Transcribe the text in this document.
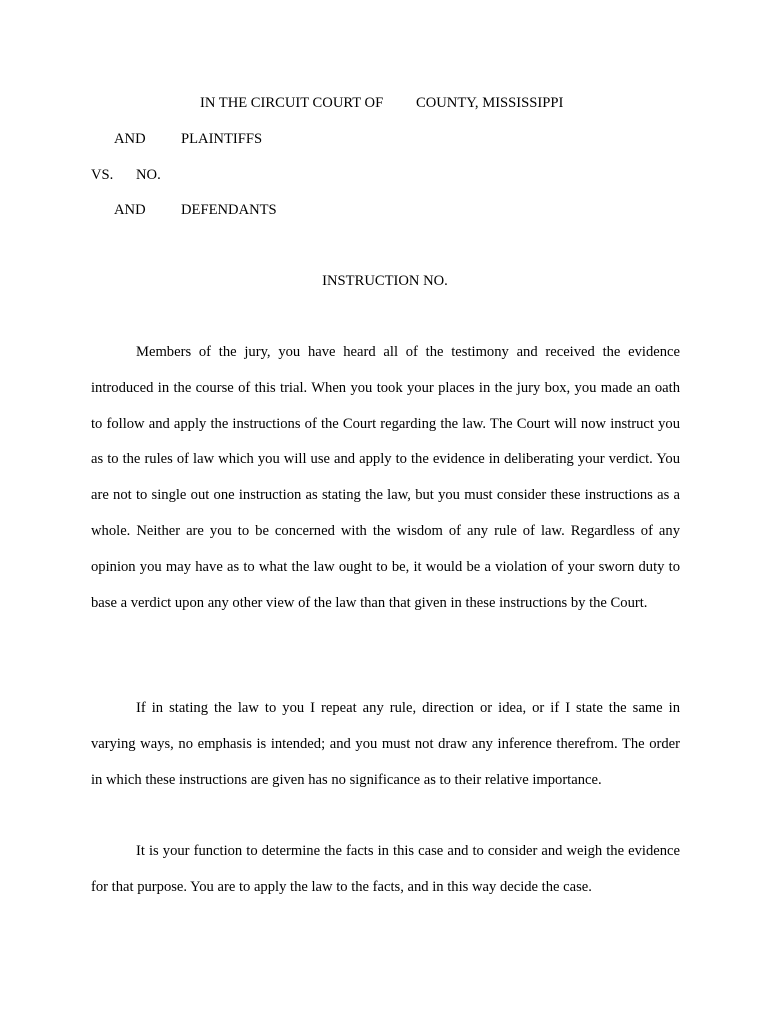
IN THE CIRCUIT COURT OF COUNTY, MISSISSIPPI
AND PLAINTIFFS
VS. NO.
AND DEFENDANTS
INSTRUCTION NO.

Members of the jury, you have heard all of the testimony and received the evidence introduced in the course of this trial. When you took your places in the jury box, you made an oath to follow and apply the instructions of the Court regarding the law. The Court will now instruct you as to the rules of law which you will use and apply to the evidence in deliberating your verdict. You are not to single out one instruction as stating the law, but you must consider these instructions as a whole. Neither are you to be concerned with the wisdom of any rule of law. Regardless of any opinion you may have as to what the law ought to be, it would be a violation of your sworn duty to base a verdict upon any other view of the law than that given in these instructions by the Court.

If in stating the law to you I repeat any rule, direction or idea, or if I state the same in varying ways, no emphasis is intended; and you must not draw any inference therefrom. The order in which these instructions are given has no significance as to their relative importance.

It is your function to determine the facts in this case and to consider and weigh the evidence for that purpose. You are to apply the law to the facts, and in this way decide the case.
